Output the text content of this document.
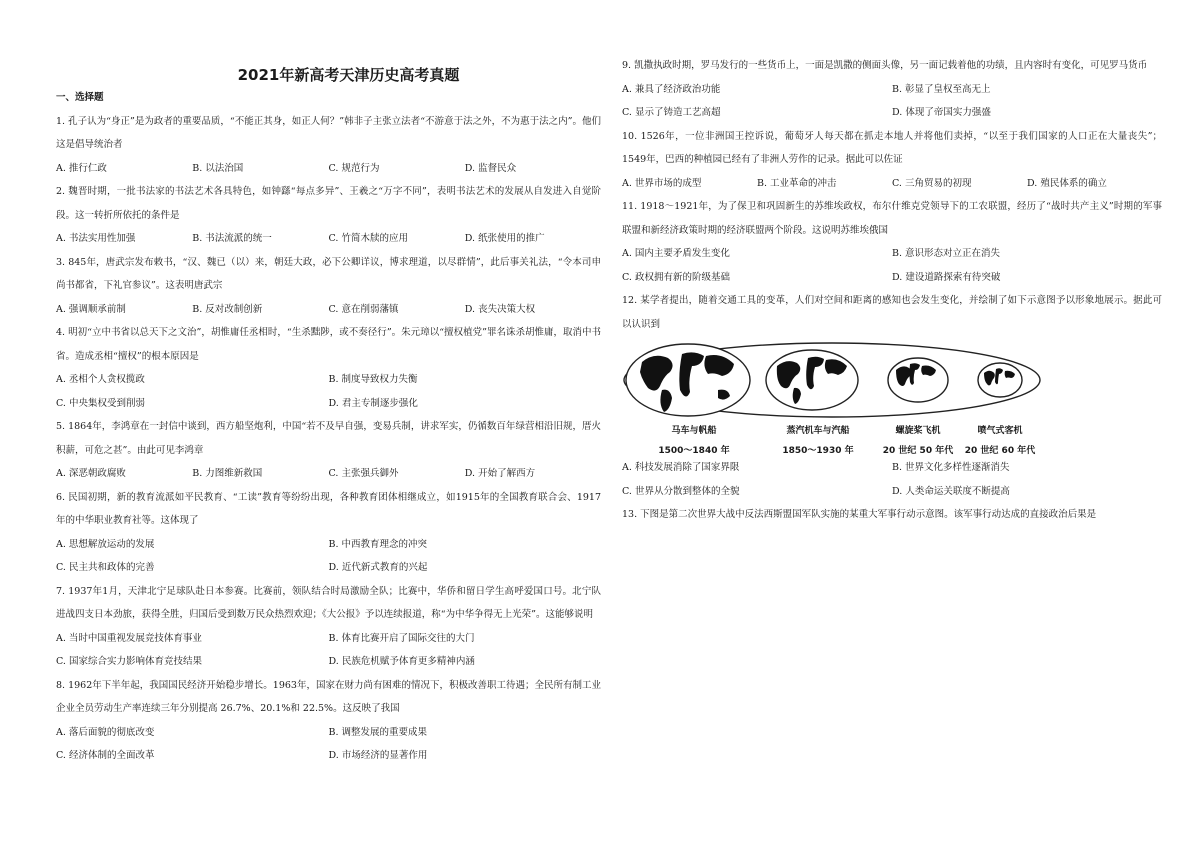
2021年新高考天津历史高考真题
一、选择题

1. 孔子认为“身正”是为政者的重要品质，“不能正其身，如正人何？”韩非子主张立法者“不游意于法之外，不为惠于法之内”。他们这是倡导统治者

A. 推行仁政	B. 以法治国	C. 规范行为	D. 监督民众

2. 魏晋时期，一批书法家的书法艺术各具特色，如钟繇“每点多异”、王羲之“万字不同”，表明书法艺术的发展从自发进入自觉阶段。这一转折所依托的条件是

A. 书法实用性加强	B. 书法流派的统一	C. 竹简木牍的应用	D. 纸张使用的推广

3. 845年，唐武宗发布敕书，“汉、魏已（以）来，朝廷大政，必下公卿详议，博求理道，以尽群情”，此后事关礼法，“令本司申尚书都省，下礼官参议”。这表明唐武宗

A. 强调顺承前制	B. 反对改制创新	C. 意在削弱藩镇	D. 丧失决策大权

4. 明初“立中书省以总天下之文治”，胡惟庸任丞相时，“生杀黜陟，或不奏径行”。朱元璋以“擅权植党”罪名诛杀胡惟庸，取消中书省。造成丞相“擅权”的根本原因是

A. 丞相个人贪权揽政	B. 制度导致权力失衡
C. 中央集权受到削弱	D. 君主专制逐步强化

5. 1864年，李鸿章在一封信中谈到，西方船坚炮利，中国“若不及早自强，变易兵制，讲求军实，仍循数百年绿营相沿旧规，厝火积薪，可危之甚”。由此可见李鸿章

A. 深恶朝政腐败	B. 力图维新救国	C. 主张强兵御外	D. 开始了解西方

6. 民国初期，新的教育流派如平民教育、“工读”教育等纷纷出现，各种教育团体相继成立，如1915年的全国教育联合会、1917年的中华职业教育社等。这体现了

A. 思想解放运动的发展	B. 中西教育理念的冲突
C. 民主共和政体的完善	D. 近代新式教育的兴起

7. 1937年1月，天津北宁足球队赴日本参赛。比赛前，领队结合时局激励全队；比赛中，华侨和留日学生高呼爱国口号。北宁队进战四支日本劲旅，获得全胜，归国后受到数万民众热烈欢迎；《大公报》予以连续报道，称“为中华争得无上光荣”。这能够说明

A. 当时中国重视发展竞技体育事业	B. 体育比赛开启了国际交往的大门
C. 国家综合实力影响体育竞技结果	D. 民族危机赋予体育更多精神内涵

8. 1962年下半年起，我国国民经济开始稳步增长。1963年，国家在财力尚有困难的情况下，积极改善职工待遇；全民所有制工业企业全员劳动生产率连续三年分别提高 26.7%、20.1%和 22.5%。这反映了我国

A. 落后面貌的彻底改变	B. 调整发展的重要成果
C. 经济体制的全面改革	D. 市场经济的显著作用

9. 凯撒执政时期，罗马发行的一些货币上，一面是凯撒的侧面头像，另一面记载着他的功绩，且内容时有变化，可见罗马货币

A. 兼具了经济政治功能	B. 彰显了皇权至高无上
C. 显示了铸造工艺高超	D. 体现了帝国实力强盛

10. 1526年，一位非洲国王控诉说，葡萄牙人每天都在抓走本地人并将他们卖掉，“以至于我们国家的人口正在大量丧失”；1549年，巴西的种植园已经有了非洲人劳作的记录。据此可以佐证

A. 世界市场的成型	B. 工业革命的冲击	C. 三角贸易的初现	D. 殖民体系的确立

11. 1918～1921年，为了保卫和巩固新生的苏维埃政权，布尔什维克党领导下的工农联盟，经历了“战时共产主义”时期的军事联盟和新经济政策时期的经济联盟两个阶段。这说明苏维埃俄国

A. 国内主要矛盾发生变化	B. 意识形态对立正在消失
C. 政权拥有新的阶级基础	D. 建设道路探索有待突破

12. 某学者提出，随着交通工具的变革，人们对空间和距离的感知也会发生变化，并绘制了如下示意图予以形象地展示。据此可以认识到

马车与帆船
1500～1840 年
蒸汽机车与汽船
1850～1930 年
螺旋桨飞机
20 世纪 50 年代
喷气式客机
20 世纪 60 年代
A. 科技发展消除了国家界限	B. 世界文化多样性逐渐消失
C. 世界从分散到整体的全貌	D. 人类命运关联度不断提高

13. 下图是第二次世界大战中反法西斯盟国军队实施的某重大军事行动示意图。该军事行动达成的直接政治后果是
